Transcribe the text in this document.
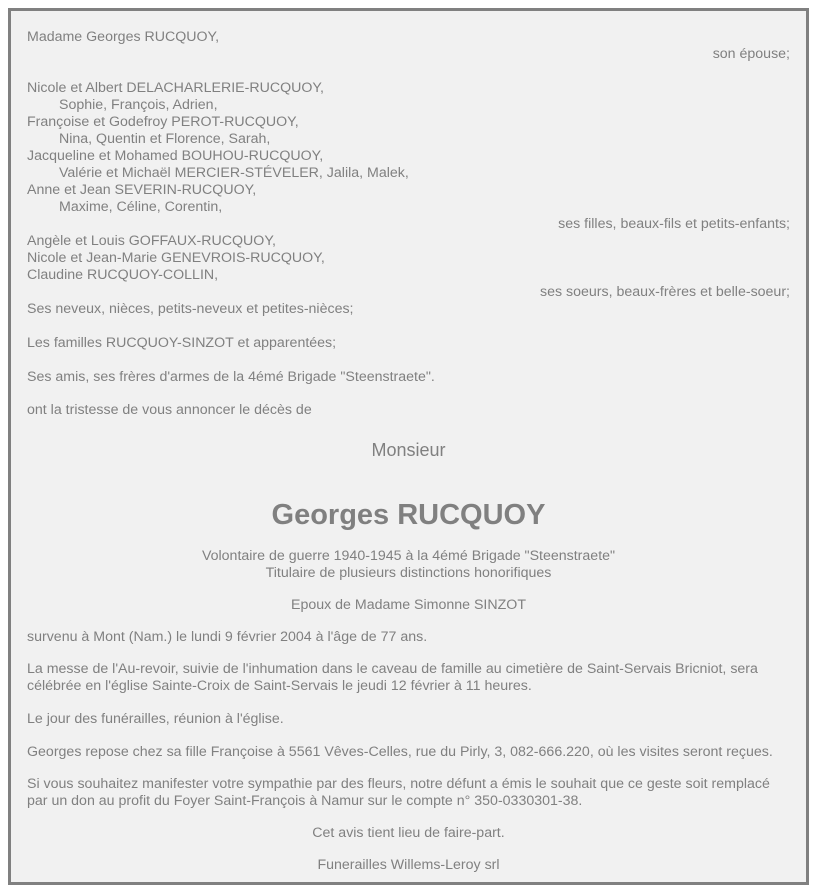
Madame Georges RUCQUOY,
son épouse;
Nicole et Albert DELACHARLERIE-RUCQUOY,
Sophie, François, Adrien,
Françoise et Godefroy PEROT-RUCQUOY,
Nina, Quentin et Florence, Sarah,
Jacqueline et Mohamed BOUHOU-RUCQUOY,
Valérie et Michaël MERCIER-STÉVELER, Jalila, Malek,
Anne et Jean SEVERIN-RUCQUOY,
Maxime, Céline, Corentin,
ses filles, beaux-fils et petits-enfants;
Angèle et Louis GOFFAUX-RUCQUOY,
Nicole et Jean-Marie GENEVROIS-RUCQUOY,
Claudine RUCQUOY-COLLIN,
ses soeurs, beaux-frères et belle-soeur;
Ses neveux, nièces, petits-neveux et petites-nièces;
Les familles RUCQUOY-SINZOT et apparentées;
Ses amis, ses frères d'armes de la 4émé Brigade "Steenstraete".
ont la tristesse de vous annoncer le décès de
Monsieur
Georges RUCQUOY
Volontaire de guerre 1940-1945 à la 4émé Brigade "Steenstraete"
Titulaire de plusieurs distinctions honorifiques
Epoux de Madame Simonne SINZOT
survenu à Mont (Nam.) le lundi 9 février 2004 à l'âge de 77 ans.
La messe de l'Au-revoir, suivie de l'inhumation dans le caveau de famille au cimetière de Saint-Servais Bricniot, sera célébrée en l'église Sainte-Croix de Saint-Servais le jeudi 12 février à 11 heures.
Le jour des funérailles, réunion à l'église.
Georges repose chez sa fille Françoise à 5561 Vêves-Celles, rue du Pirly, 3, 082-666.220, où les visites seront reçues.
Si vous souhaitez manifester votre sympathie par des fleurs, notre défunt a émis le souhait que ce geste soit remplacé par un don au profit du Foyer Saint-François à Namur sur le compte n° 350-0330301-38.
Cet avis tient lieu de faire-part.
Funerailles Willems-Leroy srl
